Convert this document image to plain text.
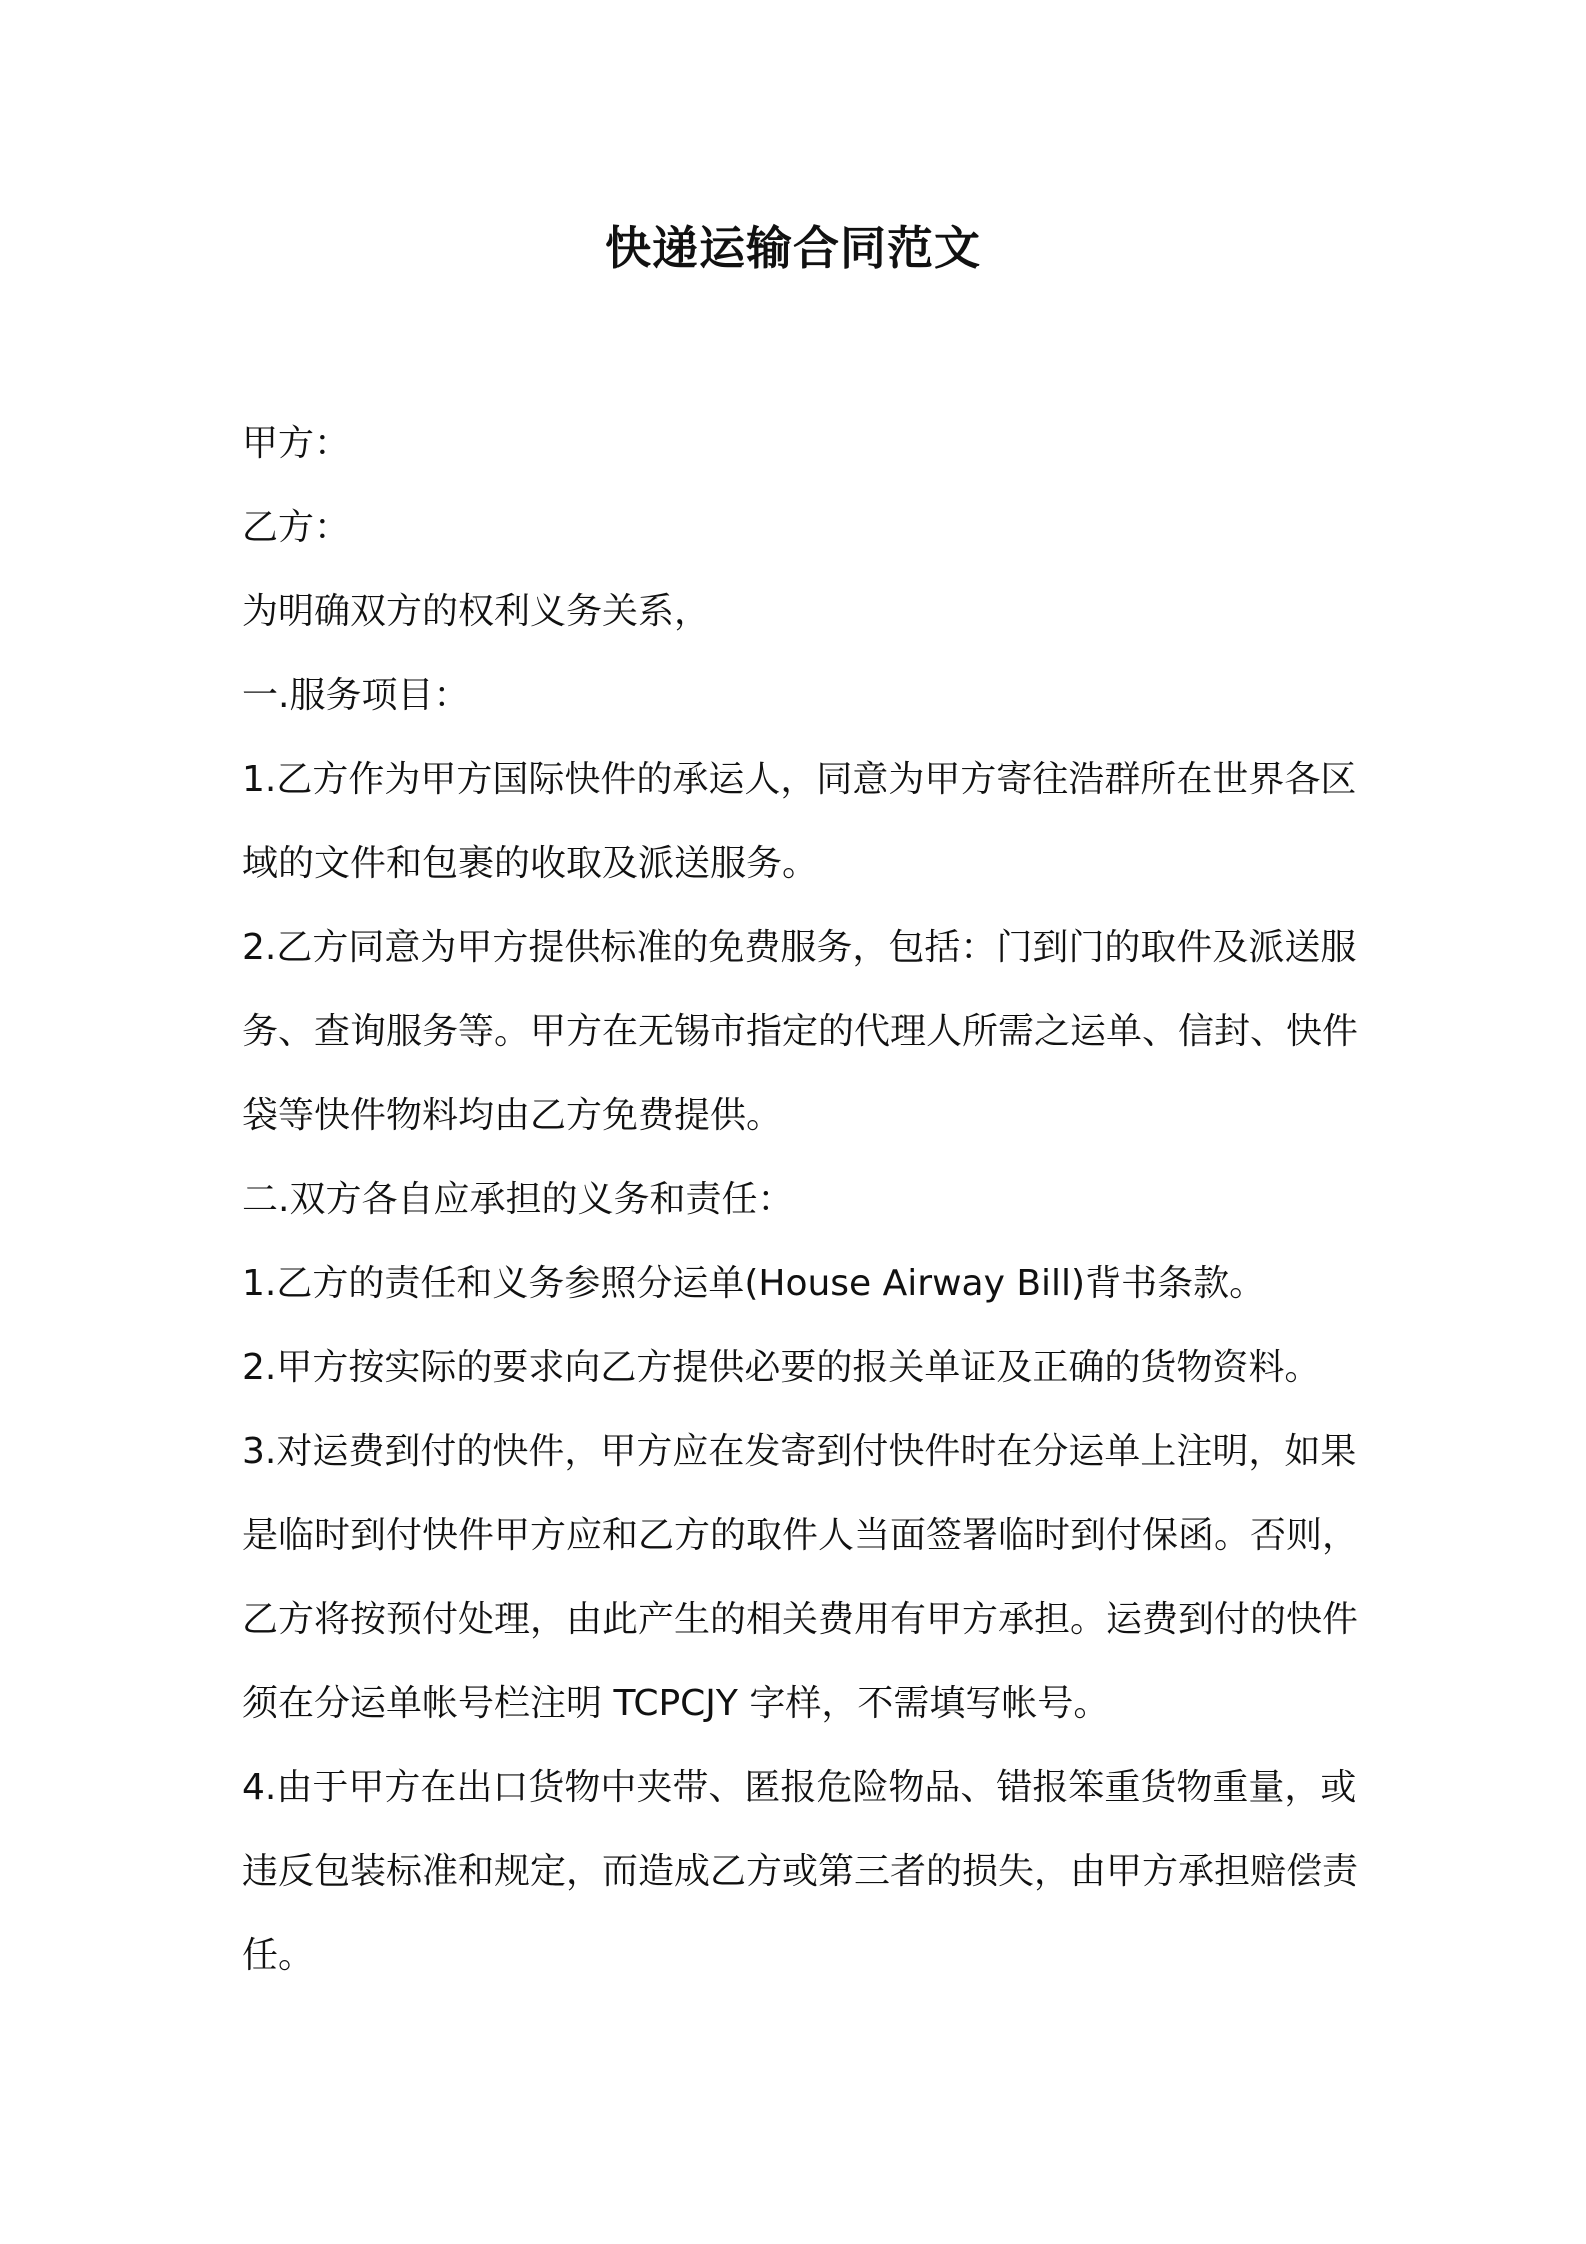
快递运输合同范文

甲方：

乙方：

为明确双方的权利义务关系，

一.服务项目：

1.乙方作为甲方国际快件的承运人，同意为甲方寄往浩群所在世界各区域的文件和包裹的收取及派送服务。

2.乙方同意为甲方提供标准的免费服务，包括：门到门的取件及派送服务、查询服务等。甲方在无锡市指定的代理人所需之运单、信封、快件袋等快件物料均由乙方免费提供。

二.双方各自应承担的义务和责任：

1.乙方的责任和义务参照分运单(House Airway Bill)背书条款。

2.甲方按实际的要求向乙方提供必要的报关单证及正确的货物资料。

3.对运费到付的快件，甲方应在发寄到付快件时在分运单上注明，如果是临时到付快件甲方应和乙方的取件人当面签署临时到付保函。否则，乙方将按预付处理，由此产生的相关费用有甲方承担。运费到付的快件须在分运单帐号栏注明 TCPCJY 字样，不需填写帐号。

4.由于甲方在出口货物中夹带、匿报危险物品、错报笨重货物重量，或违反包装标准和规定，而造成乙方或第三者的损失，由甲方承担赔偿责任。
